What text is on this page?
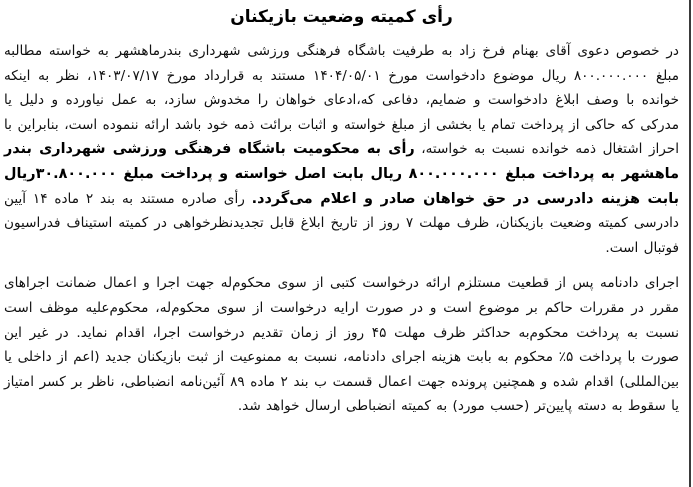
رأی کمیته وضعیت بازیکنان

در خصوص دعوی آقای بهنام فرخ زاد به طرفیت باشگاه فرهنگی ورزشی شهرداری بندرماهشهر به خواسته مطالبه مبلغ ۸۰۰.۰۰۰.۰۰۰ ریال موضوع دادخواست مورخ ۱۴۰۴/۰۵/۰۱ مستند به قرارداد مورخ ۱۴۰۳/۰۷/۱۷، نظر به اینکه خوانده با وصف ابلاغ دادخواست و ضمایم، دفاعی که،ادعای خواهان را مخدوش سازد، به عمل نیاورده و دلیل یا مدرکی که حاکی از پرداخت تمام یا بخشی از مبلغ خواسته و اثبات برائت ذمه خود باشد ارائه ننموده است، بنابراین با احراز اشتغال ذمه خوانده نسبت به خواسته، رأی به محکومیت باشگاه فرهنگی ورزشی شهرداری بندر ماهشهر به پرداخت مبلغ ۸۰۰.۰۰۰.۰۰۰ ریال بابت اصل خواسته و پرداخت مبلغ ۳۰.۸۰۰.۰۰۰ریال بابت هزینه دادرسی در حق خواهان صادر و اعلام می‌گردد. رأی صادره مستند به بند ۲ ماده ۱۴ آیین دادرسی کمیته وضعیت بازیکنان، ظرف مهلت ۷ روز از تاریخ ابلاغ قابل تجدیدنظرخواهی در کمیته استیناف فدراسیون فوتبال است.

اجرای دادنامه پس از قطعیت مستلزم ارائه درخواست کتبی از سوی محکوم‌له جهت اجرا و اعمال ضمانت اجراهای مقرر در مقررات حاکم بر موضوع است و در صورت ارایه درخواست از سوی محکوم‌له، محکوم‌علیه موظف است نسبت به پرداخت محکوم‌به حداکثر ظرف مهلت ۴۵ روز از زمان تقدیم درخواست اجرا، اقدام نماید. در غیر این صورت با پرداخت ۵٪ محکوم به بابت هزینه اجرای دادنامه، نسبت به ممنوعیت از ثبت بازیکنان جدید (اعم از داخلی یا بین‌المللی) اقدام شده و همچنین پرونده جهت اعمال قسمت ب بند ۲ ماده ۸۹ آئین‌نامه انضباطی، ناظر بر کسر امتیاز یا سقوط به دسته پایین‌تر (حسب مورد) به کمیته انضباطی ارسال خواهد شد.
